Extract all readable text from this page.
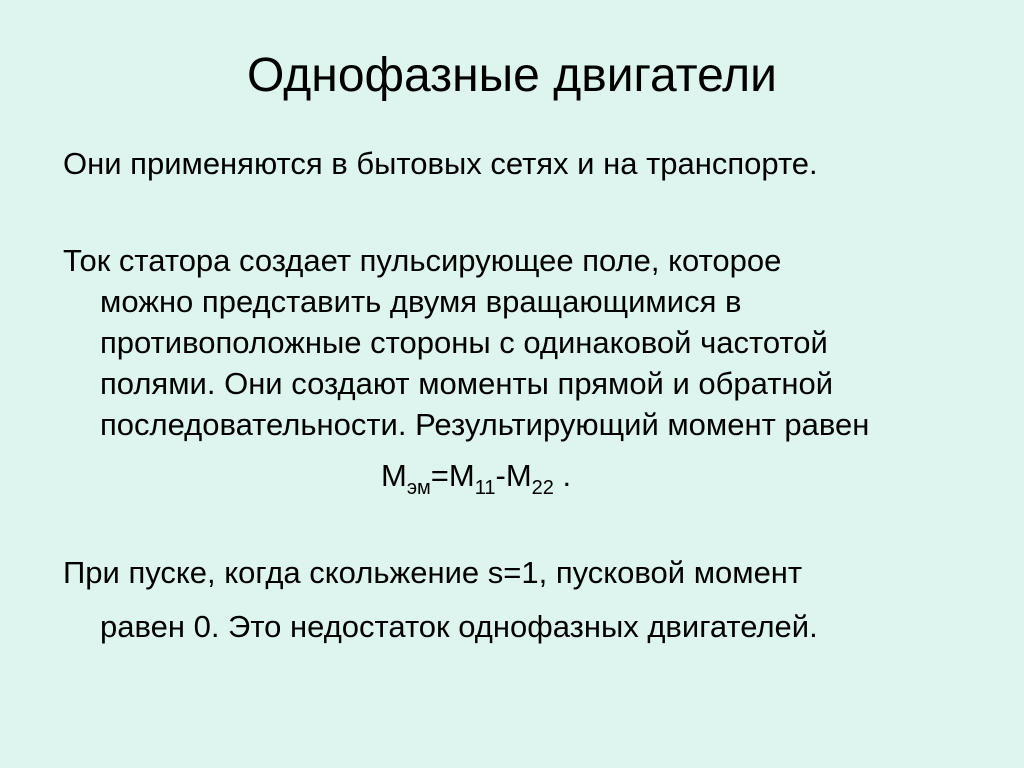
Однофазные двигатели
Они применяются в бытовых сетях и на транспорте.
Ток статора создает пульсирующее поле, которое
можно представить двумя вращающимися в
противоположные стороны с одинаковой частотой
полями. Они создают моменты прямой и обратной
последовательности. Результирующий момент равен
$М_{эм}=М_{11}-М_{22}$ .
При пуске, когда скольжение s=1, пусковой момент
равен 0. Это недостаток однофазных двигателей.
